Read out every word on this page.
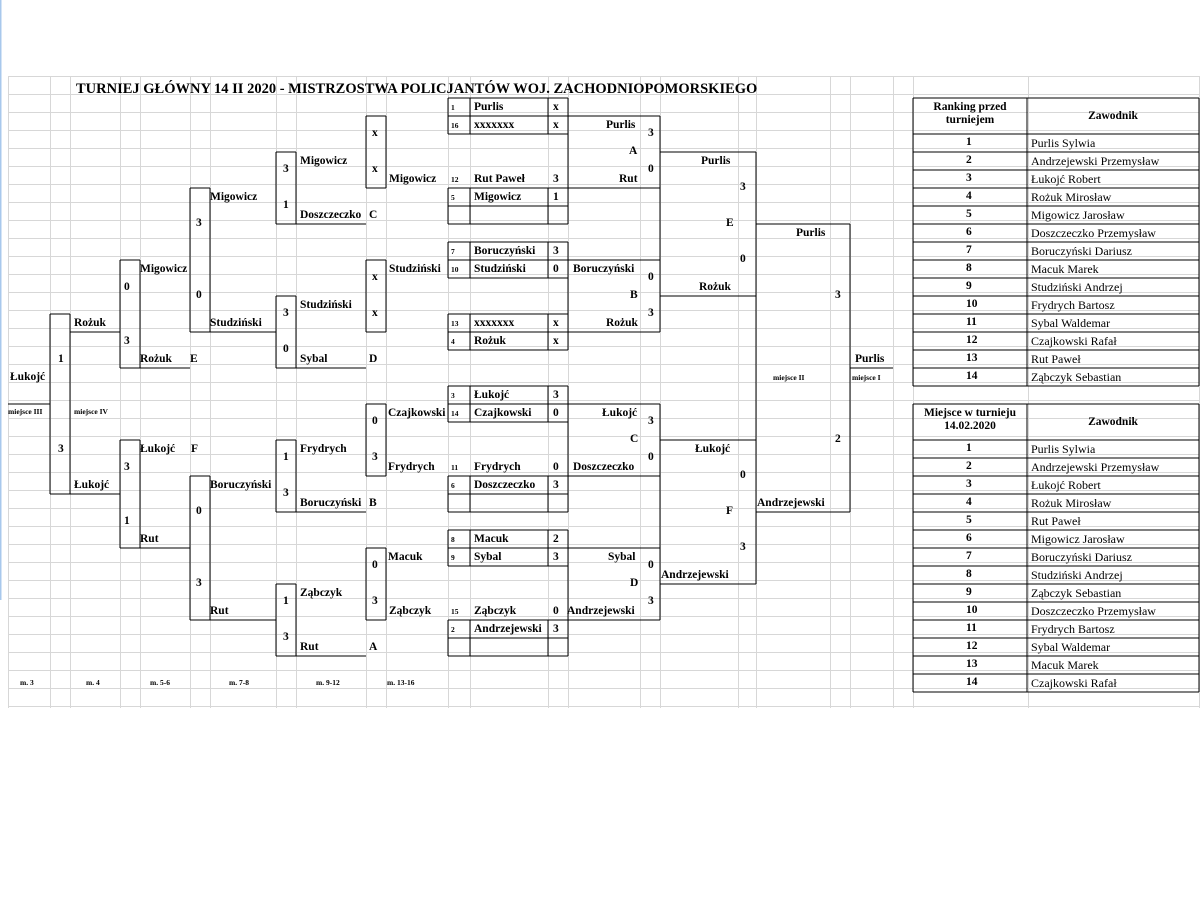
TURNIEJ GŁÓWNY 14 II 2020 - MISTRZOSTWA POLICJANTÓW WOJ. ZACHODNIOPOMORSKIEGO
1 Purlis	x
16 xxxxxxx	x
12 Rut Paweł 3
5 Migowicz	1
7 Boruczyński 3
10 Studziński 0
13 xxxxxxx	x
4 Rożuk	x
3 Łukojć	3
14 Czajkowski 0
11 Frydrych	0
6 Doszczeczko 3
8 Macuk	2
9 Sybal	3
15 Ząbczyk	0
2 Andrzejewski 3
Purlis
3
A
Rut
0
Boruczyński
0
B
Rożuk
3
Łukojć
3
C
Doszczeczko
0
Sybal
0
D
Andrzejewski
3
Purlis
3
E
0
Rożuk
Łukojć
0
F
3
Andrzejewski
Purlis
3
2
Andrzejewski
Purlis
miejsce II	miejsce I
x
x
Migowicz
x
Studziński
x
0
Czajkowski
3
Frydrych
0
Macuk
3
Ząbczyk
3
Migowicz
1
Doszczeczko C
3
Studziński
0
Sybal	D
1
Frydrych
3
Boruczyński B
1
Ząbczyk
3
Rut	A
Migowicz
3
0
Studziński
Boruczyński
0
3
Rut
Migowicz
0
3
Rożuk E
Łukojć F
3
1
Rut
Rożuk
1
3
Łukojć
Łukojć
miejsce III	miejsce IV
m. 3	m. 4	m. 5-6	m. 7-8	m. 9-12	m. 13-16
Ranking przed turniejem	Zawodnik
1	Purlis Sylwia
2	Andrzejewski Przemysław
3	Łukojć Robert
4	Rożuk Mirosław
5	Migowicz Jarosław
6	Doszczeczko Przemysław
7	Boruczyński Dariusz
8	Macuk Marek
9	Studziński Andrzej
10	Frydrych Bartosz
11	Sybal Waldemar
12	Czajkowski Rafał
13	Rut Paweł
14	Ząbczyk Sebastian
Miejsce w turnieju 14.02.2020	Zawodnik
1	Purlis Sylwia
2	Andrzejewski Przemysław
3	Łukojć Robert
4	Rożuk Mirosław
5	Rut Paweł
6	Migowicz Jarosław
7	Boruczyński Dariusz
8	Studziński Andrzej
9	Ząbczyk Sebastian
10	Doszczeczko Przemysław
11	Frydrych Bartosz
12	Sybal Waldemar
13	Macuk Marek
14	Czajkowski Rafał
